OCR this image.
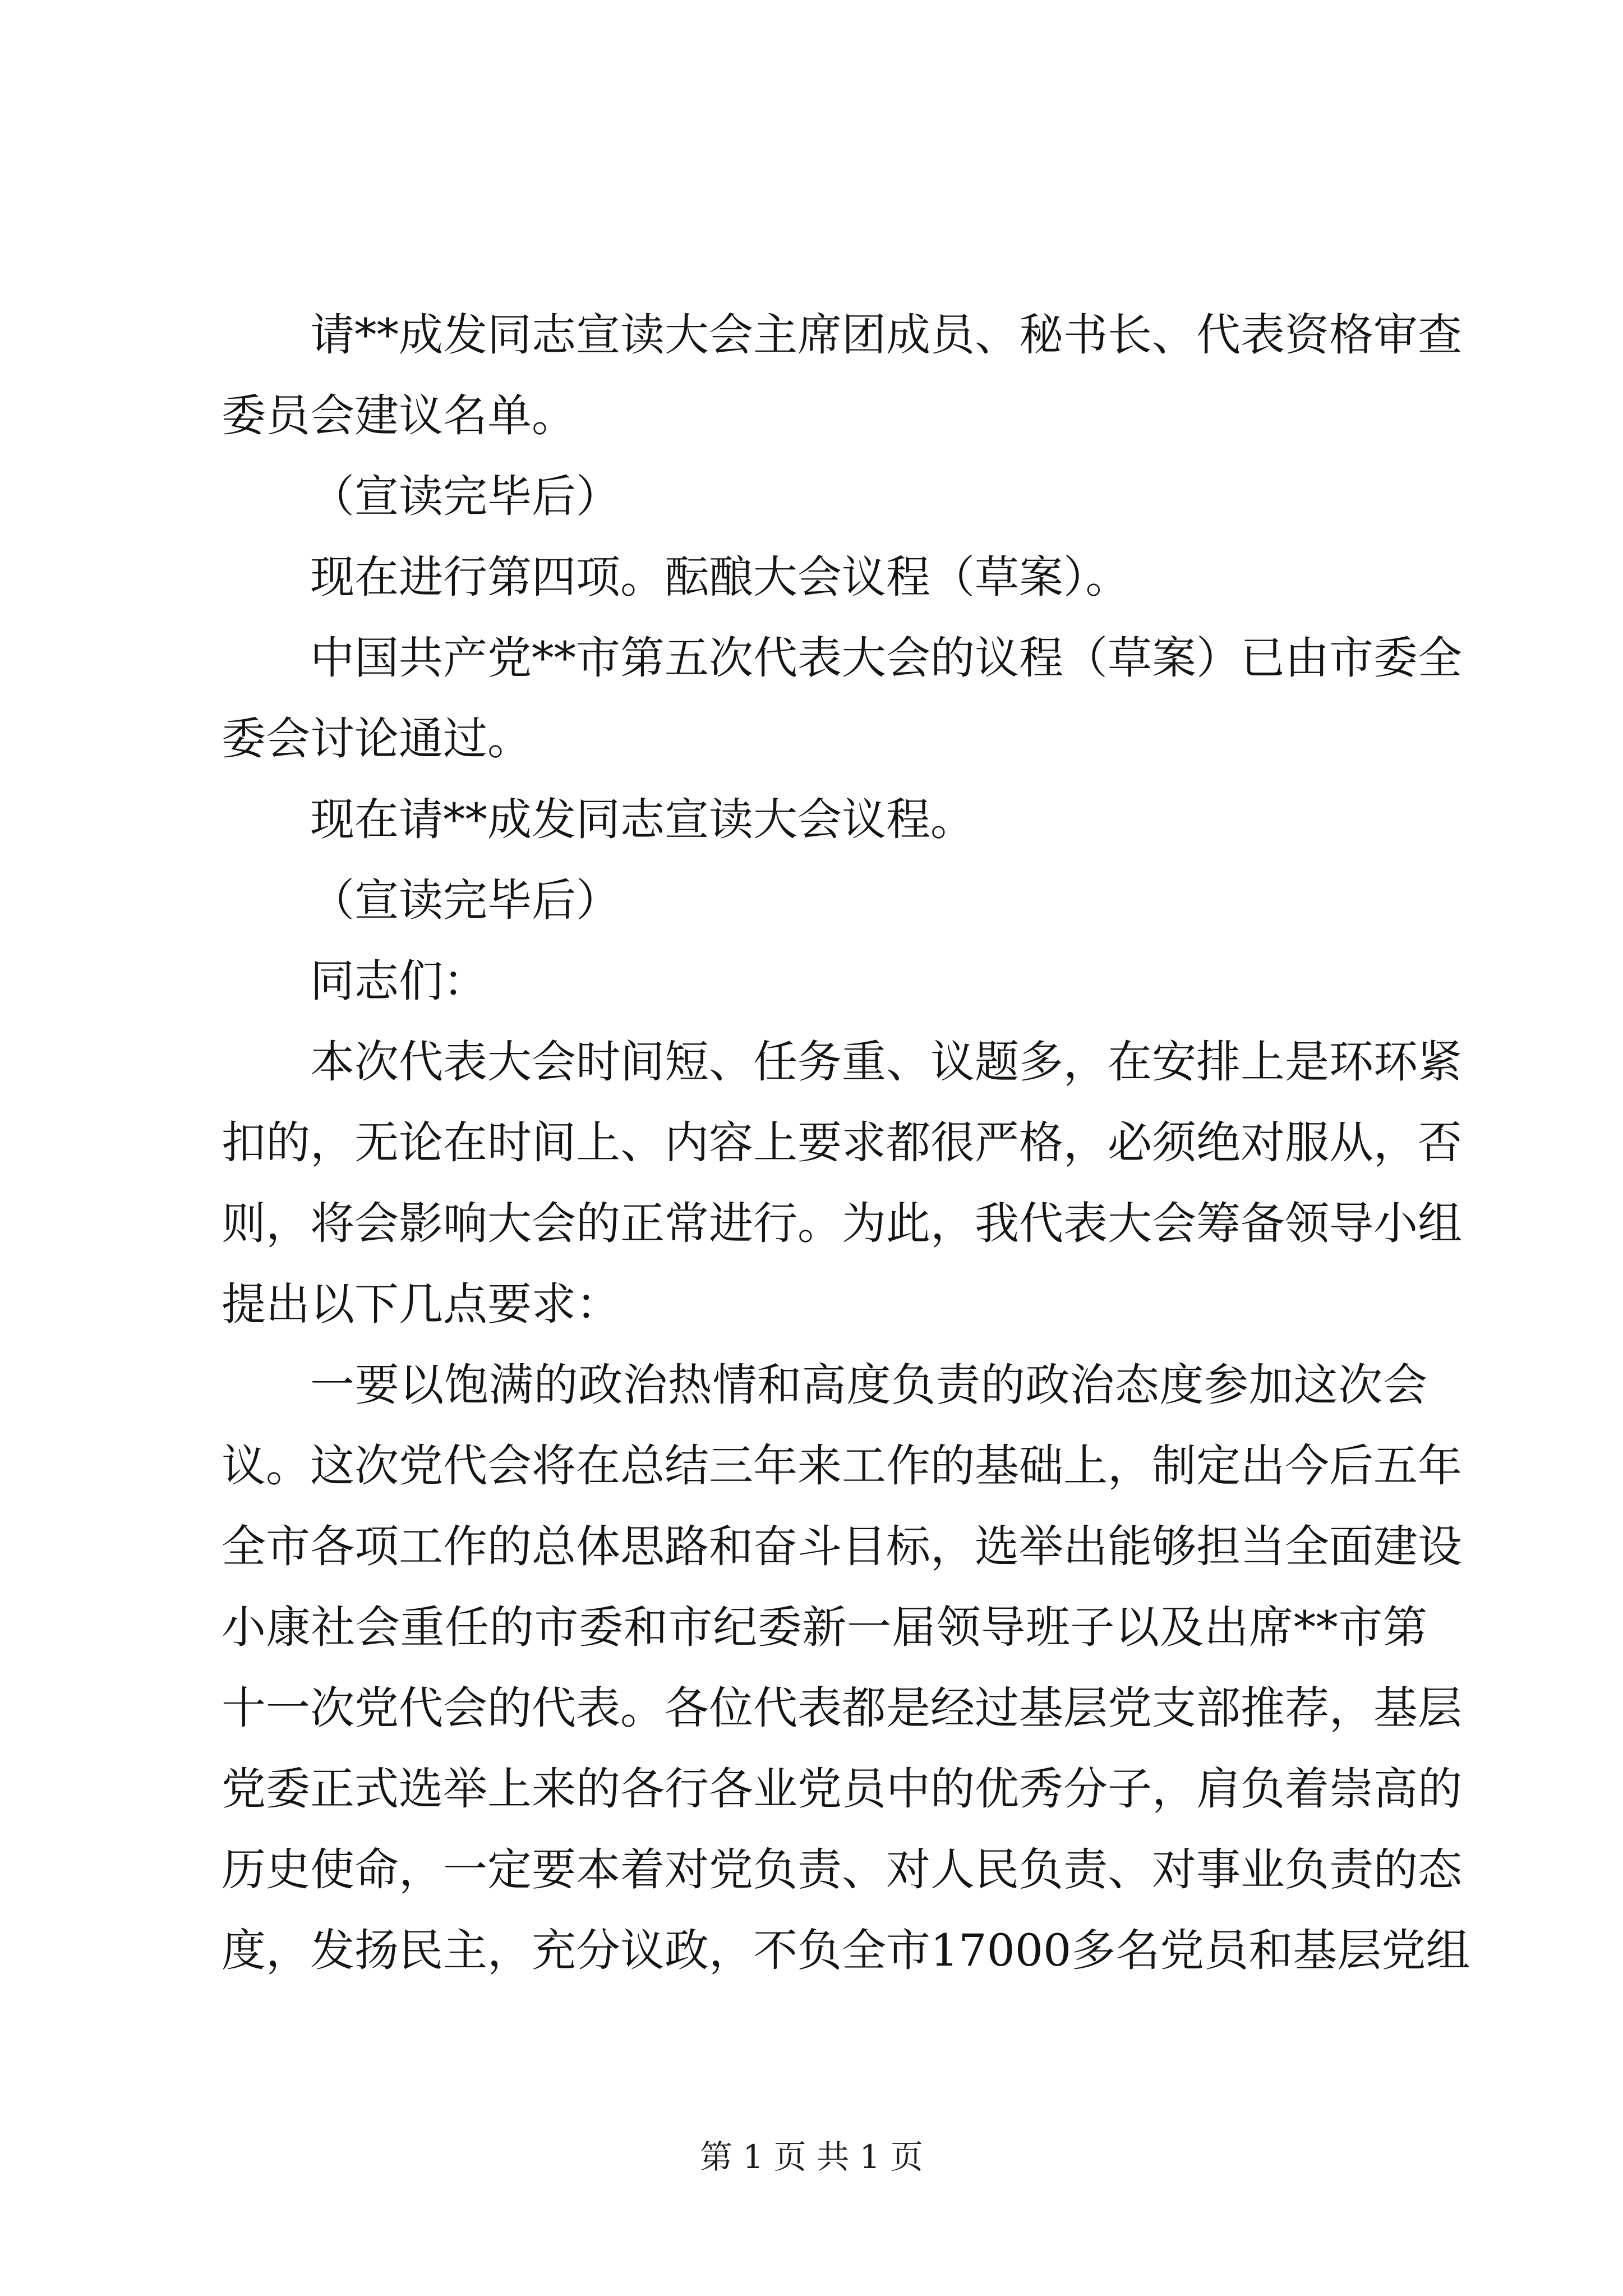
请**成发同志宣读大会主席团成员、秘书长、代表资格审查
委员会建议名单。
（宣读完毕后）
现在进行第四项。酝酿大会议程（草案）。
中国共产党**市第五次代表大会的议程（草案）已由市委全
委会讨论通过。
现在请**成发同志宣读大会议程。
（宣读完毕后）
同志们：
本次代表大会时间短、任务重、议题多，在安排上是环环紧
扣的，无论在时间上、内容上要求都很严格，必须绝对服从，否
则，将会影响大会的正常进行。为此，我代表大会筹备领导小组
提出以下几点要求：
一要以饱满的政治热情和高度负责的政治态度参加这次会
议。这次党代会将在总结三年来工作的基础上，制定出今后五年
全市各项工作的总体思路和奋斗目标，选举出能够担当全面建设
小康社会重任的市委和市纪委新一届领导班子以及出席**市第
十一次党代会的代表。各位代表都是经过基层党支部推荐，基层
党委正式选举上来的各行各业党员中的优秀分子，肩负着崇高的
历史使命，一定要本着对党负责、对人民负责、对事业负责的态
度，发扬民主，充分议政，不负全市17000多名党员和基层党组
第 1 页 共 1 页
